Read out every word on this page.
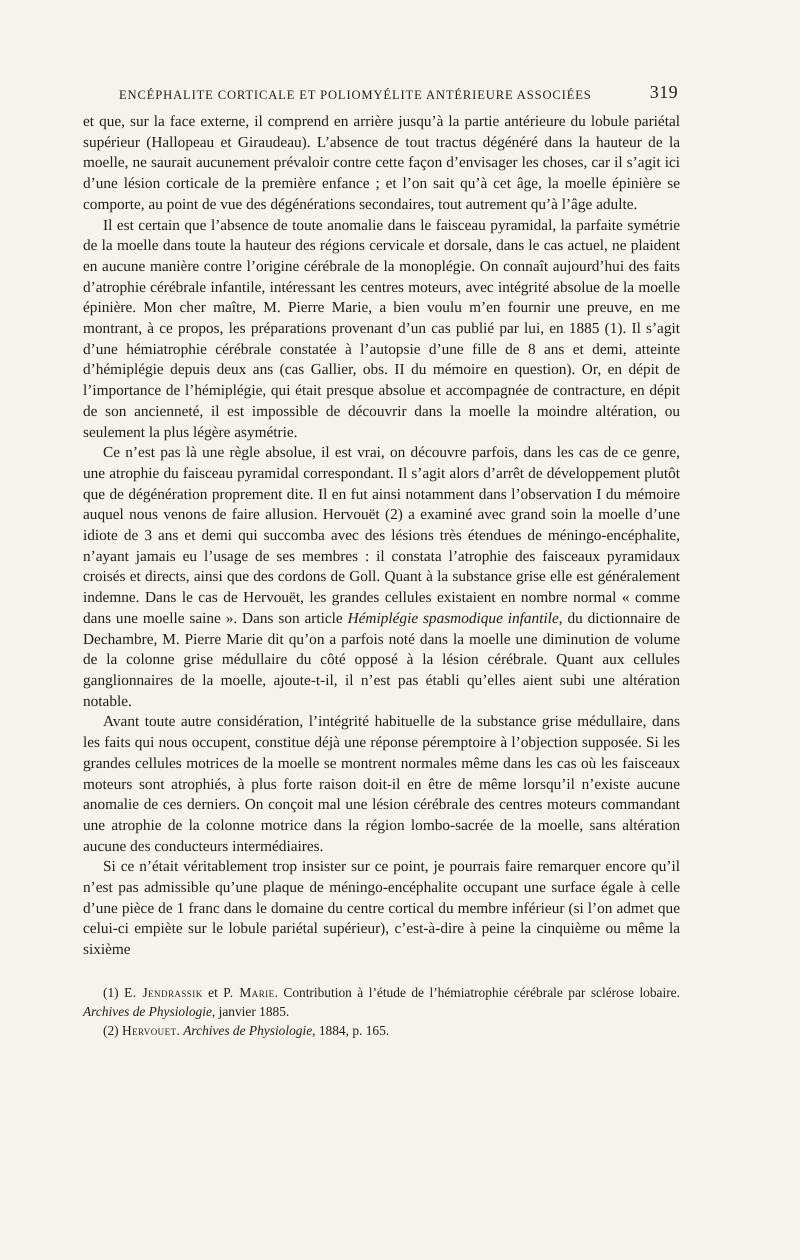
ENCÉPHALITE CORTICALE ET POLIOMYÉLITE ANTÉRIEURE ASSOCIÉES	319

et que, sur la face externe, il comprend en arrière jusqu’à la partie antérieure du lobule pariétal supérieur (Hallopeau et Giraudeau). L’absence de tout tractus dégénéré dans la hauteur de la moelle, ne saurait aucunement prévaloir contre cette façon d’envisager les choses, car il s’agit ici d’une lésion corticale de la première enfance ; et l’on sait qu’à cet âge, la moelle épinière se comporte, au point de vue des dégénérations secondaires, tout autrement qu’à l’âge adulte.

Il est certain que l’absence de toute anomalie dans le faisceau pyramidal, la parfaite symétrie de la moelle dans toute la hauteur des régions cervicale et dorsale, dans le cas actuel, ne plaident en aucune manière contre l’origine cérébrale de la monoplégie. On connaît aujourd’hui des faits d’atrophie cérébrale infantile, intéressant les centres moteurs, avec intégrité absolue de la moelle épinière. Mon cher maître, M. Pierre Marie, a bien voulu m’en fournir une preuve, en me montrant, à ce propos, les préparations provenant d’un cas publié par lui, en 1885 (1). Il s’agit d’une hémiatrophie cérébrale constatée à l’autopsie d’une fille de 8 ans et demi, atteinte d’hémiplégie depuis deux ans (cas Gallier, obs. II du mémoire en question). Or, en dépit de l’importance de l’hémiplégie, qui était presque absolue et accompagnée de contracture, en dépit de son ancienneté, il est impossible de découvrir dans la moelle la moindre altération, ou seulement la plus légère asymétrie.

Ce n’est pas là une règle absolue, il est vrai, on découvre parfois, dans les cas de ce genre, une atrophie du faisceau pyramidal correspondant. Il s’agit alors d’arrêt de développement plutôt que de dégénération proprement dite. Il en fut ainsi notamment dans l’observation I du mémoire auquel nous venons de faire allusion. Hervouët (2) a examiné avec grand soin la moelle d’une idiote de 3 ans et demi qui succomba avec des lésions très étendues de méningo-encéphalite, n’ayant jamais eu l’usage de ses membres : il constata l’atrophie des faisceaux pyramidaux croisés et directs, ainsi que des cordons de Goll. Quant à la substance grise elle est généralement indemne. Dans le cas de Hervouët, les grandes cellules existaient en nombre normal « comme dans une moelle saine ». Dans son article Hémiplégie spasmodique infantile, du dictionnaire de Dechambre, M. Pierre Marie dit qu’on a parfois noté dans la moelle une diminution de volume de la colonne grise médullaire du côté opposé à la lésion cérébrale. Quant aux cellules ganglionnaires de la moelle, ajoute-t-il, il n’est pas établi qu’elles aient subi une altération notable.

Avant toute autre considération, l’intégrité habituelle de la substance grise médullaire, dans les faits qui nous occupent, constitue déjà une réponse péremptoire à l’objection supposée. Si les grandes cellules motrices de la moelle se montrent normales même dans les cas où les faisceaux moteurs sont atrophiés, à plus forte raison doit-il en être de même lorsqu’il n’existe aucune anomalie de ces derniers. On conçoit mal une lésion cérébrale des centres moteurs commandant une atrophie de la colonne motrice dans la région lombo-sacrée de la moelle, sans altération aucune des conducteurs intermédiaires.

Si ce n’était véritablement trop insister sur ce point, je pourrais faire remarquer encore qu’il n’est pas admissible qu’une plaque de méningo-encéphalite occupant une surface égale à celle d’une pièce de 1 franc dans le domaine du centre cortical du membre inférieur (si l’on admet que celui-ci empiète sur le lobule pariétal supérieur), c’est-à-dire à peine la cinquième ou même la sixième

(1) E. Jendrassik et P. Marie. Contribution à l’étude de l’hémiatrophie cérébrale par sclérose lobaire. Archives de Physiologie, janvier 1885.

(2) Hervouet. Archives de Physiologie, 1884, p. 165.
